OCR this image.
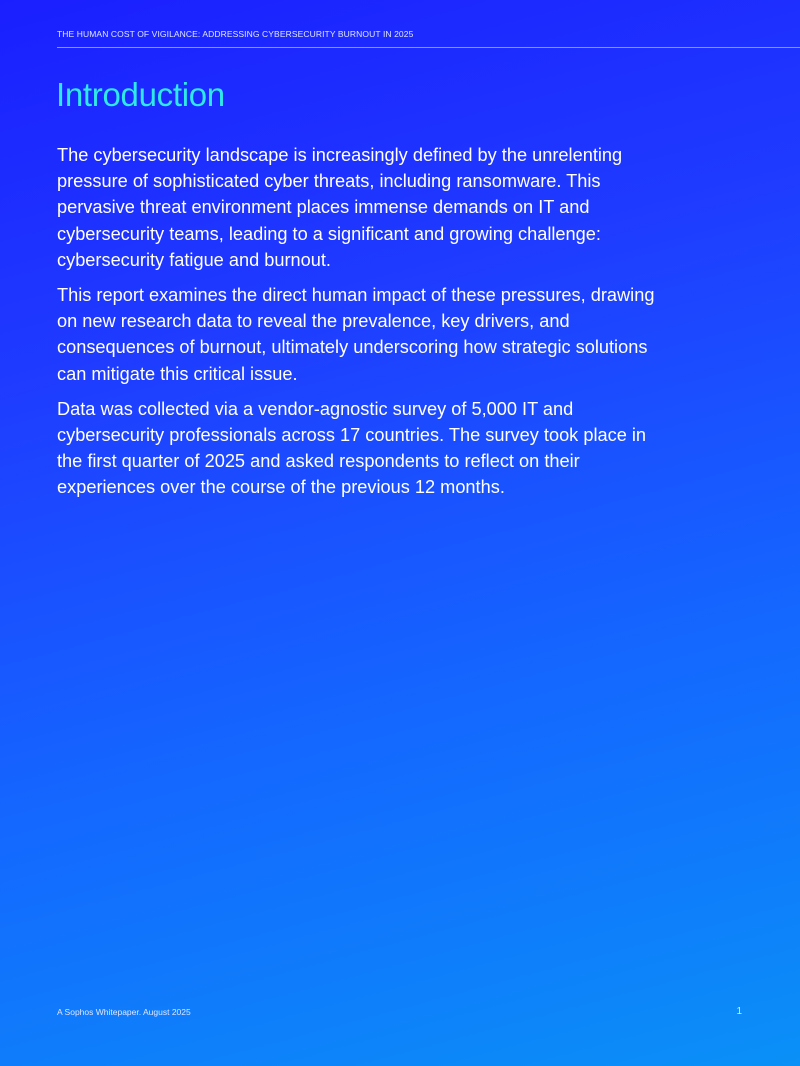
THE HUMAN COST OF VIGILANCE: ADDRESSING CYBERSECURITY BURNOUT IN 2025
Introduction

The cybersecurity landscape is increasingly defined by the unrelenting pressure of sophisticated cyber threats, including ransomware. This pervasive threat environment places immense demands on IT and cybersecurity teams, leading to a significant and growing challenge: cybersecurity fatigue and burnout.

This report examines the direct human impact of these pressures, drawing on new research data to reveal the prevalence, key drivers, and consequences of burnout, ultimately underscoring how strategic solutions can mitigate this critical issue.

Data was collected via a vendor-agnostic survey of 5,000 IT and cybersecurity professionals across 17 countries. The survey took place in the first quarter of 2025 and asked respondents to reflect on their experiences over the course of the previous 12 months.

A Sophos Whitepaper. August 2025	1
